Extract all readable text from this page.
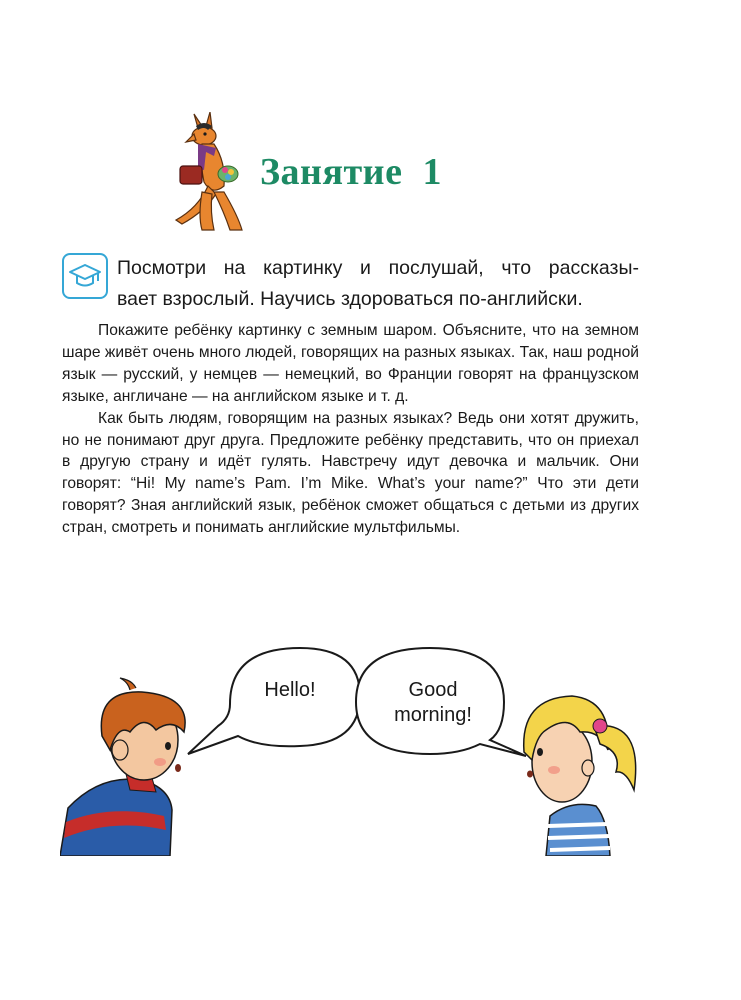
Занятие  1

Посмотри на картинку и послушай, что рассказы-

вает взрослый. Научись здороваться по-английски.

Покажите ребёнку картинку с земным шаром. Объясните, что на земном шаре живёт очень много людей, говорящих на разных языках. Так, наш родной язык — русский, у немцев — немецкий, во Франции говорят на французском языке, англичане — на английском языке и т. д.

Как быть людям, говорящим на разных языках? Ведь они хотят дружить, но не понимают друг друга. Предложите ребёнку представить, что он приехал в другую страну и идёт гулять. Навстречу идут девочка и мальчик. Они говорят: “Hi! My name’s Pam. I’m Mike. What’s your name?” Что эти дети говорят? Зная английский язык, ребёнок сможет общаться с детьми из других стран, смотреть и понимать английские мультфильмы.

Hello!	Good
morning!
